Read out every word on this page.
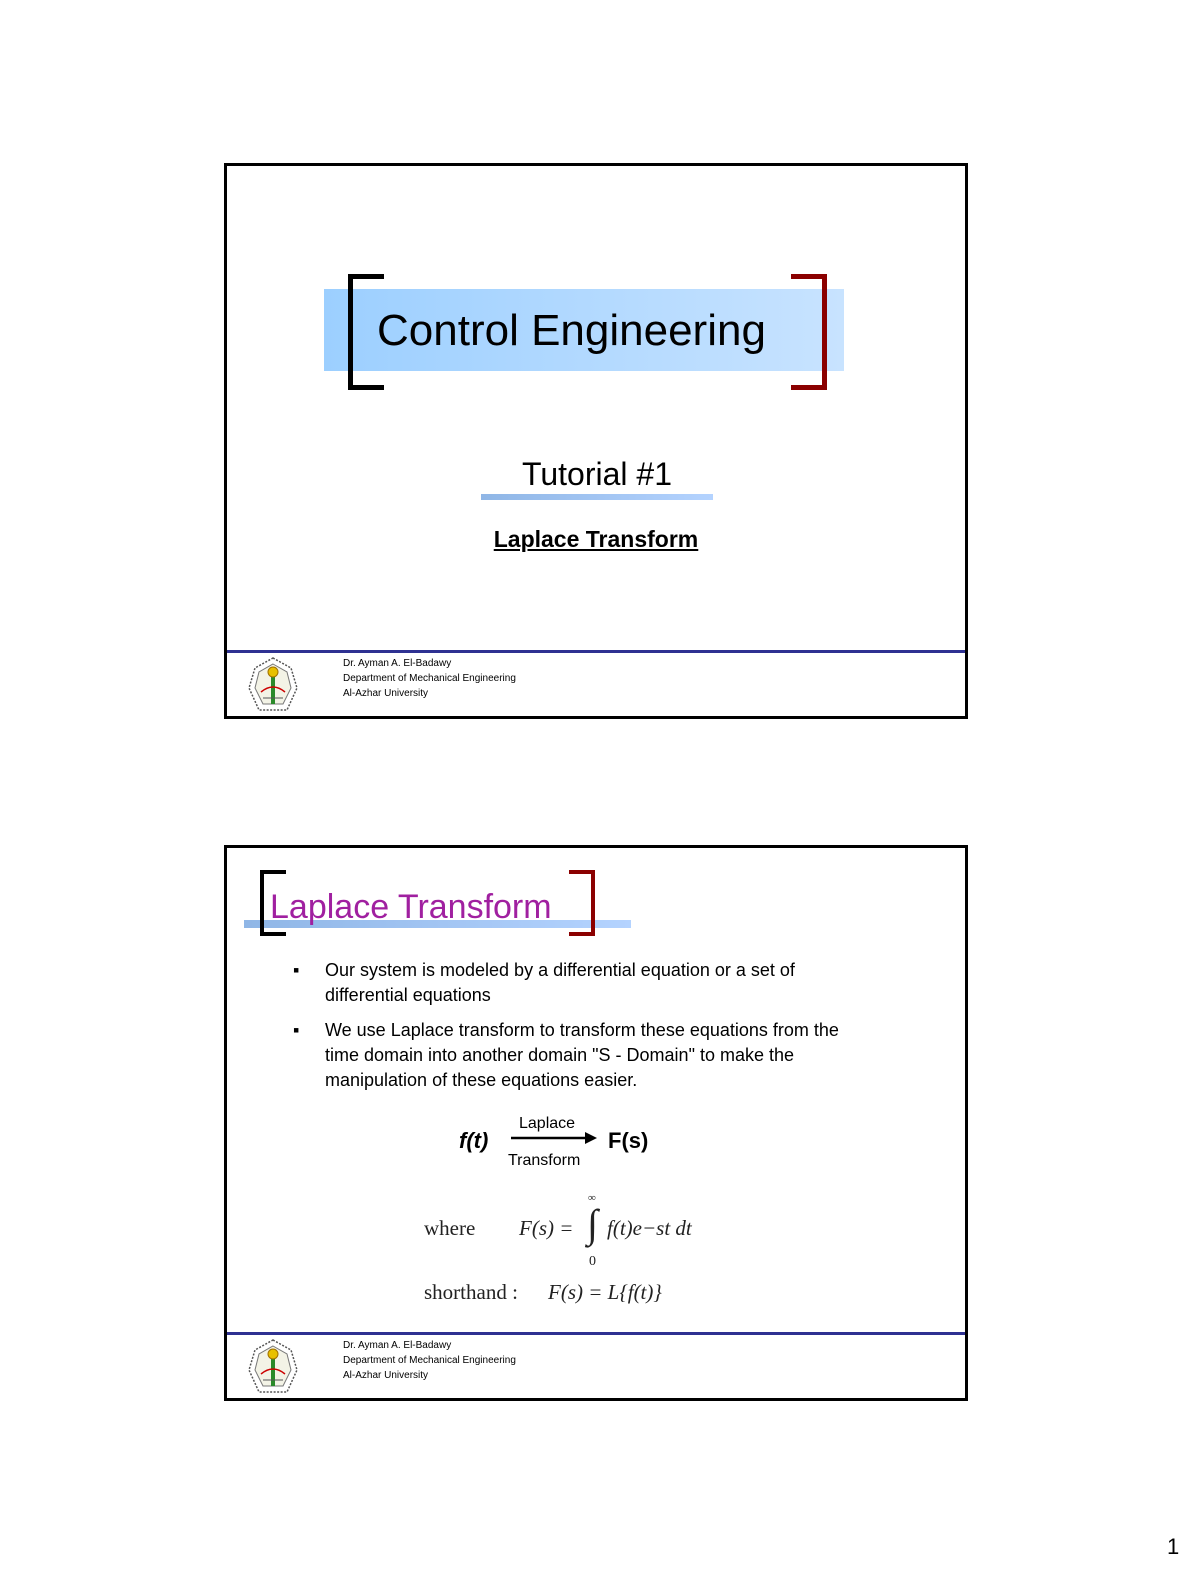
Control Engineering
Tutorial #1
Laplace Transform
Dr. Ayman A. El-Badawy
Department of Mechanical Engineering
Al-Azhar University
Laplace Transform
▪	Our system is modeled by a differential equation or a set of differential equations
▪	We use Laplace transform to transform these equations from the time domain into another domain "S - Domain" to make the manipulation of these equations easier.
f(t)
Laplace
Transform
F(s)
where F(s) =
∞
∫
0
f(t)e−st dt
shorthand : F(s) = L{f(t)}
Dr. Ayman A. El-Badawy
Department of Mechanical Engineering
Al-Azhar University
1
